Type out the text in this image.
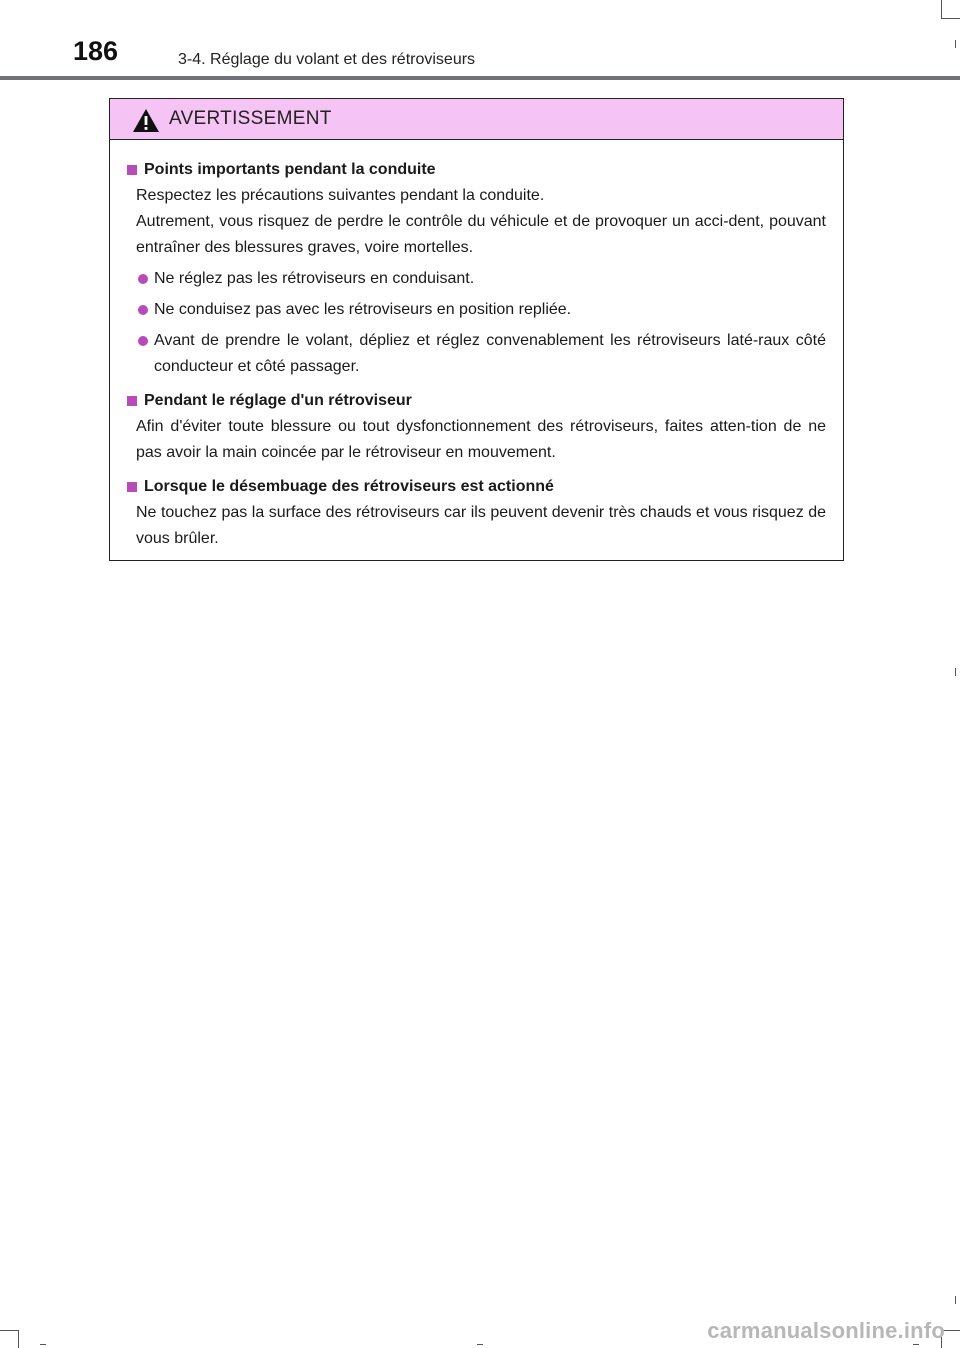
186	3-4. Réglage du volant et des rétroviseurs
AVERTISSEMENT
Points importants pendant la conduite

Respectez les précautions suivantes pendant la conduite.

Autrement, vous risquez de perdre le contrôle du véhicule et de provoquer un acci-dent, pouvant entraîner des blessures graves, voire mortelles.

Ne réglez pas les rétroviseurs en conduisant.
Ne conduisez pas avec les rétroviseurs en position repliée.
Avant de prendre le volant, dépliez et réglez convenablement les rétroviseurs laté-raux côté conducteur et côté passager.
Pendant le réglage d'un rétroviseur

Afin d'éviter toute blessure ou tout dysfonctionnement des rétroviseurs, faites atten-tion de ne pas avoir la main coincée par le rétroviseur en mouvement.

Lorsque le désembuage des rétroviseurs est actionné

Ne touchez pas la surface des rétroviseurs car ils peuvent devenir très chauds et vous risquez de vous brûler.

carmanualsonline.info
